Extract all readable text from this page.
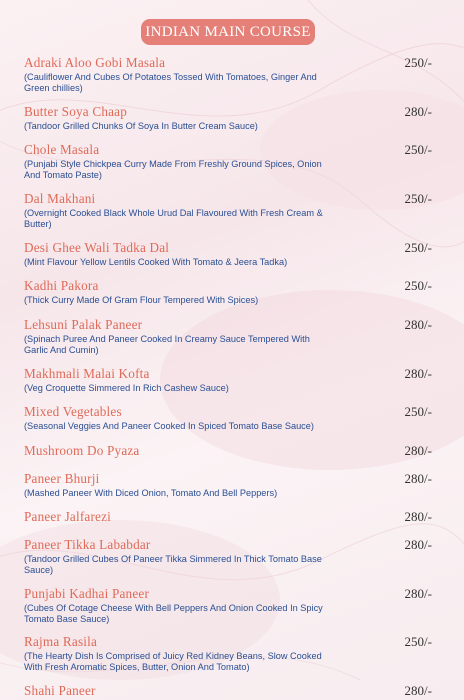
INDIAN MAIN COURSE
Adraki Aloo Gobi Masala
(Cauliflower And Cubes Of Potatoes Tossed With Tomatoes, Ginger And Green chillies)
250/-
Butter Soya Chaap
(Tandoor Grilled Chunks Of Soya In Butter Cream Sauce)
280/-
Chole Masala
(Punjabi Style Chickpea Curry Made From Freshly Ground Spices, Onion And Tomato Paste)
250/-
Dal Makhani
(Overnight Cooked Black Whole Urud Dal Flavoured With Fresh Cream & Butter)
250/-
Desi Ghee Wali Tadka Dal
(Mint Flavour Yellow Lentils Cooked With Tomato & Jeera Tadka)
250/-
Kadhi Pakora
(Thick Curry Made Of Gram Flour Tempered With Spices)
250/-
Lehsuni Palak Paneer
(Spinach Puree And Paneer Cooked In Creamy Sauce Tempered With Garlic And Cumin)
280/-
Makhmali Malai Kofta
(Veg Croquette Simmered In Rich Cashew Sauce)
280/-
Mixed Vegetables
(Seasonal Veggies And Paneer Cooked In Spiced Tomato Base Sauce)
250/-
Mushroom Do Pyaza	280/-
Paneer Bhurji
(Mashed Paneer With Diced Onion, Tomato And Bell Peppers)
280/-
Paneer Jalfarezi	280/-
Paneer Tikka Lababdar
(Tandoor Grilled Cubes Of Paneer Tikka Simmered In Thick Tomato Base Sauce)
280/-
Punjabi Kadhai Paneer
(Cubes Of Cotage Cheese With Bell Peppers And Onion Cooked In Spicy Tomato Base Sauce)
280/-
Rajma Rasila
(The Hearty Dish Is Comprised of Juicy Red Kidney Beans, Slow Cooked With Fresh Aromatic Spices, Butter, Onion And Tomato)
250/-
Shahi Paneer	280/-
